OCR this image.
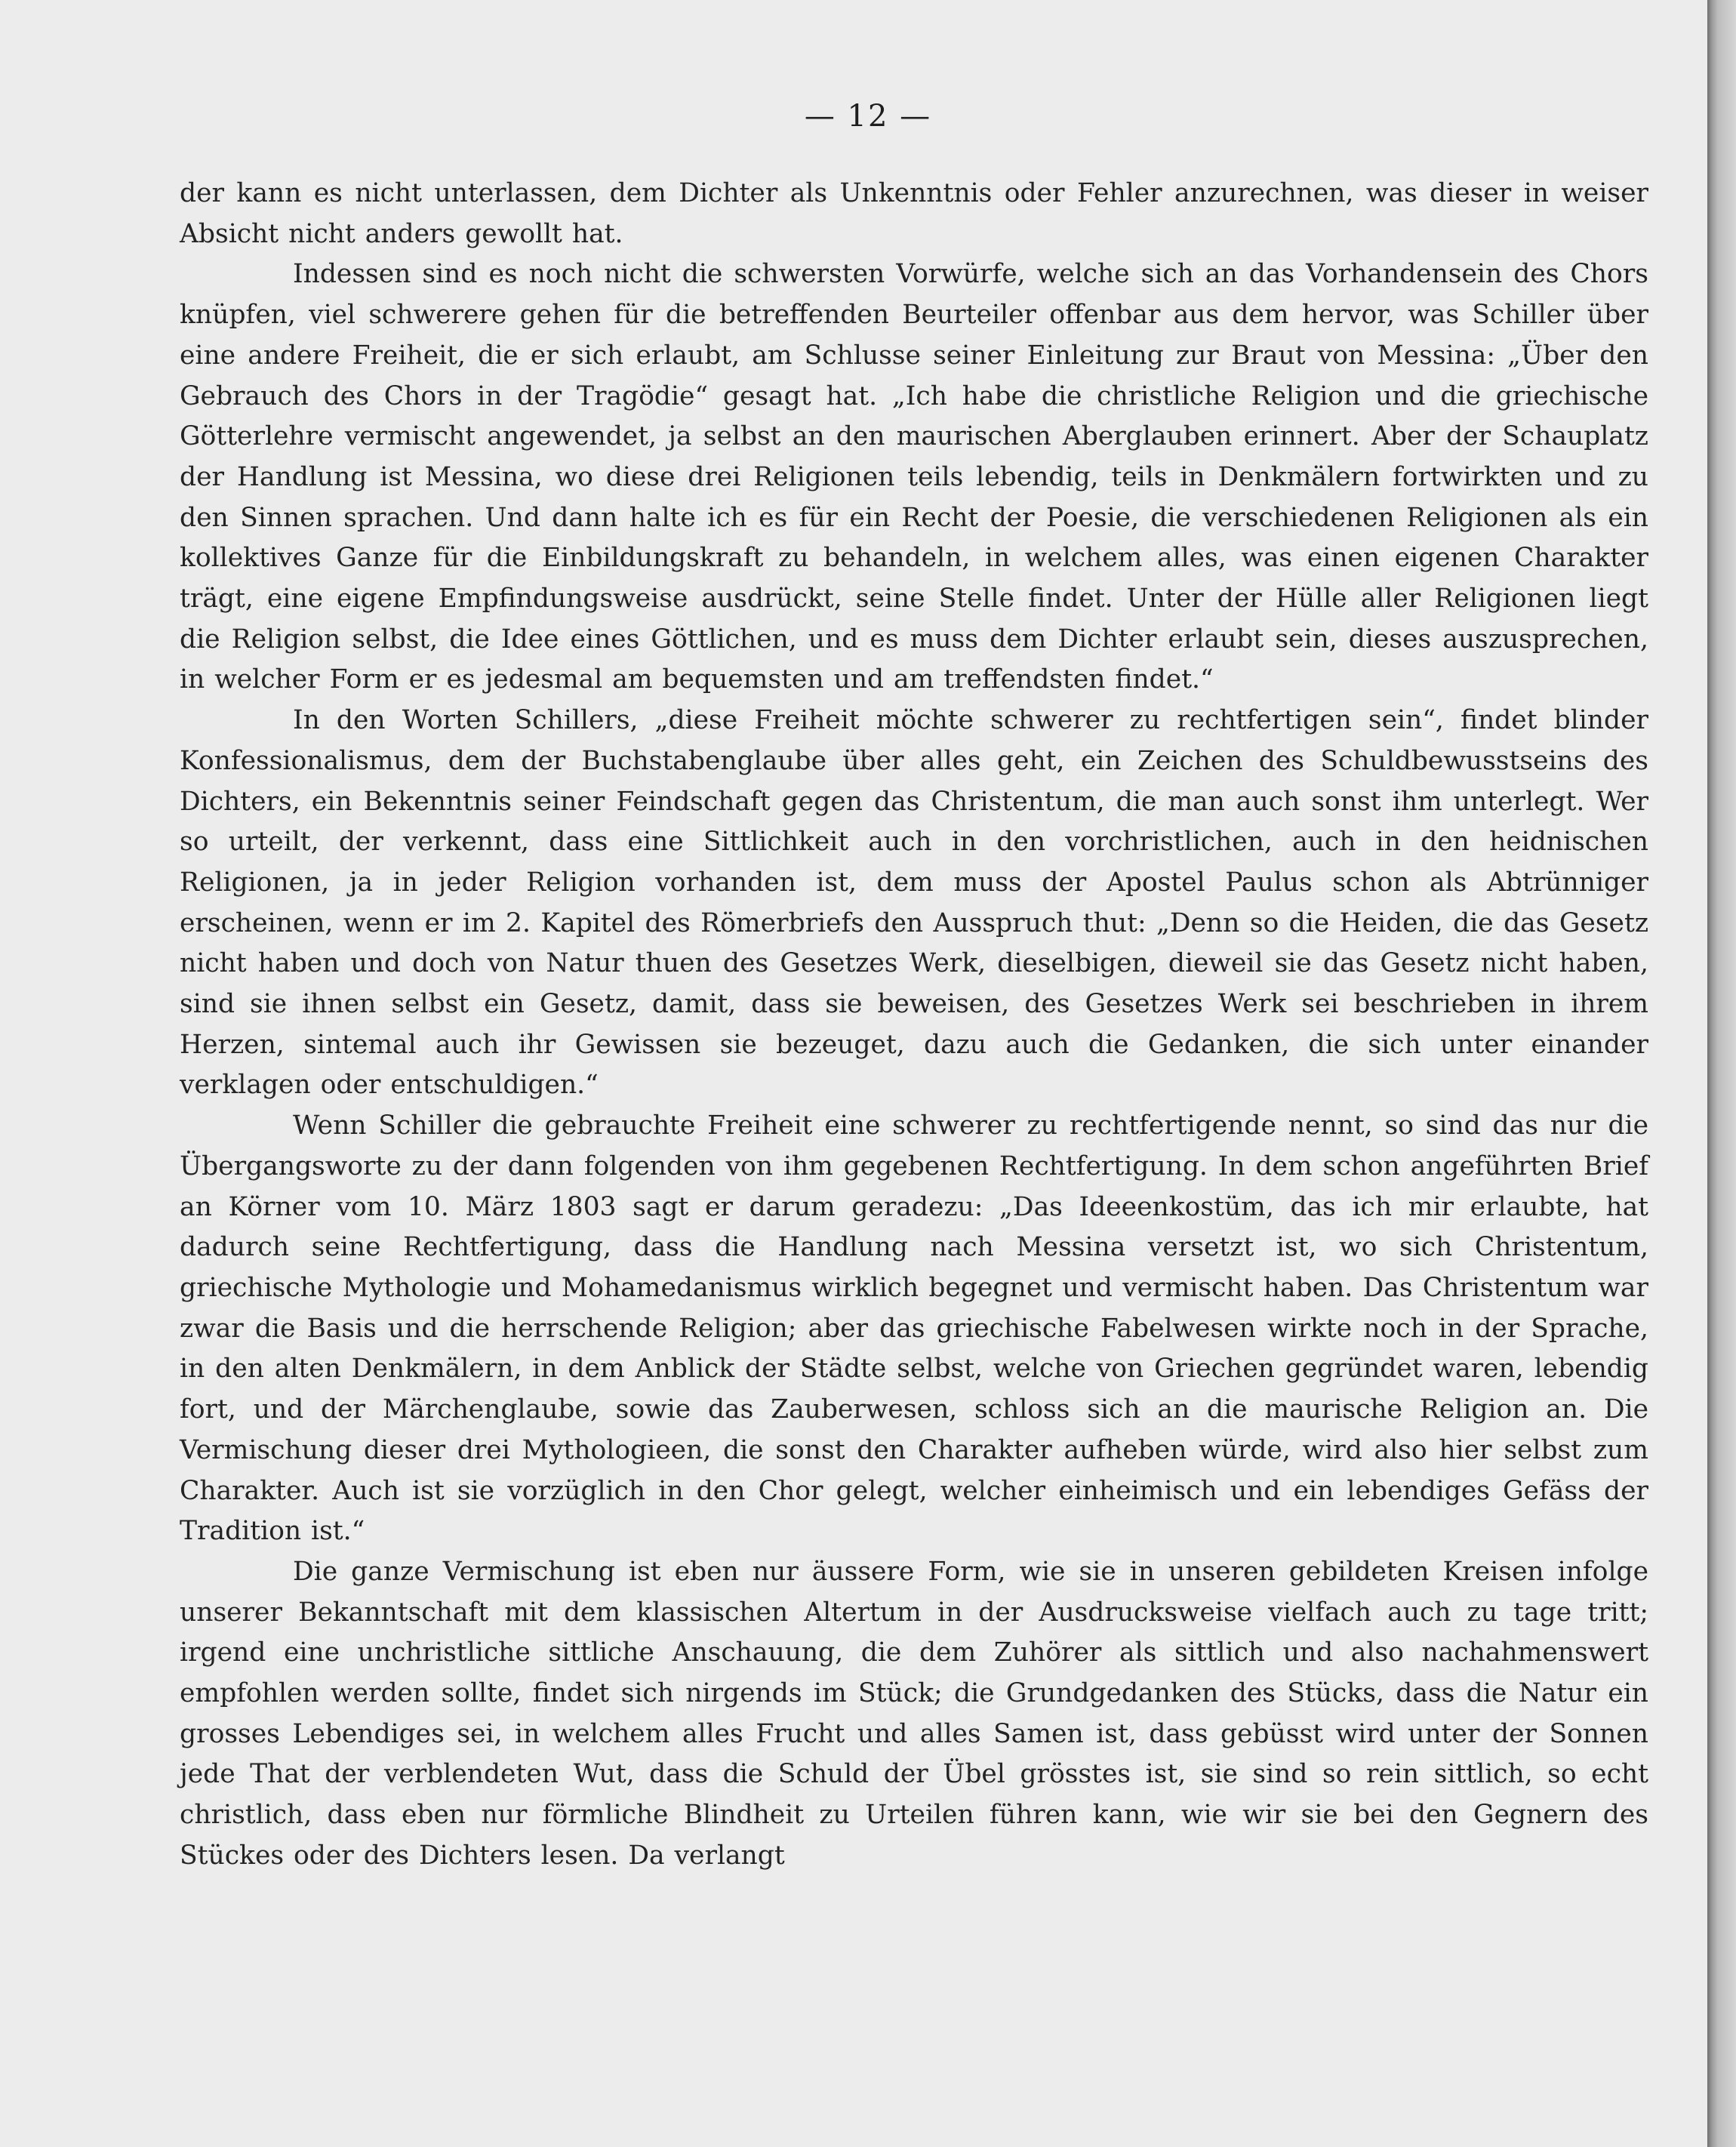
— 12 —

der kann es nicht unterlassen, dem Dichter als Unkenntnis oder Fehler anzurechnen, was dieser in weiser Absicht nicht anders gewollt hat.

Indessen sind es noch nicht die schwersten Vorwürfe, welche sich an das Vorhandensein des Chors knüpfen, viel schwerere gehen für die betreffenden Beurteiler offenbar aus dem hervor, was Schiller über eine andere Freiheit, die er sich erlaubt, am Schlusse seiner Einleitung zur Braut von Messina: „Über den Gebrauch des Chors in der Tragödie“ gesagt hat. „Ich habe die christliche Religion und die griechische Götterlehre vermischt angewendet, ja selbst an den maurischen Aberglauben erinnert. Aber der Schauplatz der Handlung ist Messina, wo diese drei Religionen teils lebendig, teils in Denkmälern fortwirkten und zu den Sinnen sprachen. Und dann halte ich es für ein Recht der Poesie, die verschiedenen Religionen als ein kollektives Ganze für die Einbildungskraft zu behandeln, in welchem alles, was einen eigenen Charakter trägt, eine eigene Empfindungsweise ausdrückt, seine Stelle findet. Unter der Hülle aller Religionen liegt die Religion selbst, die Idee eines Göttlichen, und es muss dem Dichter erlaubt sein, dieses auszusprechen, in welcher Form er es jedesmal am bequemsten und am treffendsten findet.“

In den Worten Schillers, „diese Freiheit möchte schwerer zu rechtfertigen sein“, findet blinder Konfessionalismus, dem der Buchstabenglaube über alles geht, ein Zeichen des Schuldbewusstseins des Dichters, ein Bekenntnis seiner Feindschaft gegen das Christentum, die man auch sonst ihm unterlegt. Wer so urteilt, der verkennt, dass eine Sittlichkeit auch in den vorchristlichen, auch in den heidnischen Religionen, ja in jeder Religion vorhanden ist, dem muss der Apostel Paulus schon als Abtrünniger erscheinen, wenn er im 2. Kapitel des Römerbriefs den Ausspruch thut: „Denn so die Heiden, die das Gesetz nicht haben und doch von Natur thuen des Gesetzes Werk, dieselbigen, dieweil sie das Gesetz nicht haben, sind sie ihnen selbst ein Gesetz, damit, dass sie beweisen, des Gesetzes Werk sei beschrieben in ihrem Herzen, sintemal auch ihr Gewissen sie bezeuget, dazu auch die Gedanken, die sich unter einander verklagen oder entschuldigen.“

Wenn Schiller die gebrauchte Freiheit eine schwerer zu rechtfertigende nennt, so sind das nur die Übergangsworte zu der dann folgenden von ihm gegebenen Rechtfertigung. In dem schon angeführten Brief an Körner vom 10. März 1803 sagt er darum geradezu: „Das Ideeenkostüm, das ich mir erlaubte, hat dadurch seine Rechtfertigung, dass die Handlung nach Messina versetzt ist, wo sich Christentum, griechische Mythologie und Mohamedanismus wirklich begegnet und vermischt haben. Das Christentum war zwar die Basis und die herrschende Religion; aber das griechische Fabelwesen wirkte noch in der Sprache, in den alten Denkmälern, in dem Anblick der Städte selbst, welche von Griechen gegründet waren, lebendig fort, und der Märchenglaube, sowie das Zauberwesen, schloss sich an die maurische Religion an. Die Vermischung dieser drei Mythologieen, die sonst den Charakter aufheben würde, wird also hier selbst zum Charakter. Auch ist sie vorzüglich in den Chor gelegt, welcher einheimisch und ein lebendiges Gefäss der Tradition ist.“

Die ganze Vermischung ist eben nur äussere Form, wie sie in unseren gebildeten Kreisen infolge unserer Bekanntschaft mit dem klassischen Altertum in der Ausdrucksweise vielfach auch zu tage tritt; irgend eine unchristliche sittliche Anschauung, die dem Zuhörer als sittlich und also nachahmenswert empfohlen werden sollte, findet sich nirgends im Stück; die Grundgedanken des Stücks, dass die Natur ein grosses Lebendiges sei, in welchem alles Frucht und alles Samen ist, dass gebüsst wird unter der Sonnen jede That der verblendeten Wut, dass die Schuld der Übel grösstes ist, sie sind so rein sittlich, so echt christlich, dass eben nur förmliche Blindheit zu Urteilen führen kann, wie wir sie bei den Gegnern des Stückes oder des Dichters lesen. Da verlangt
